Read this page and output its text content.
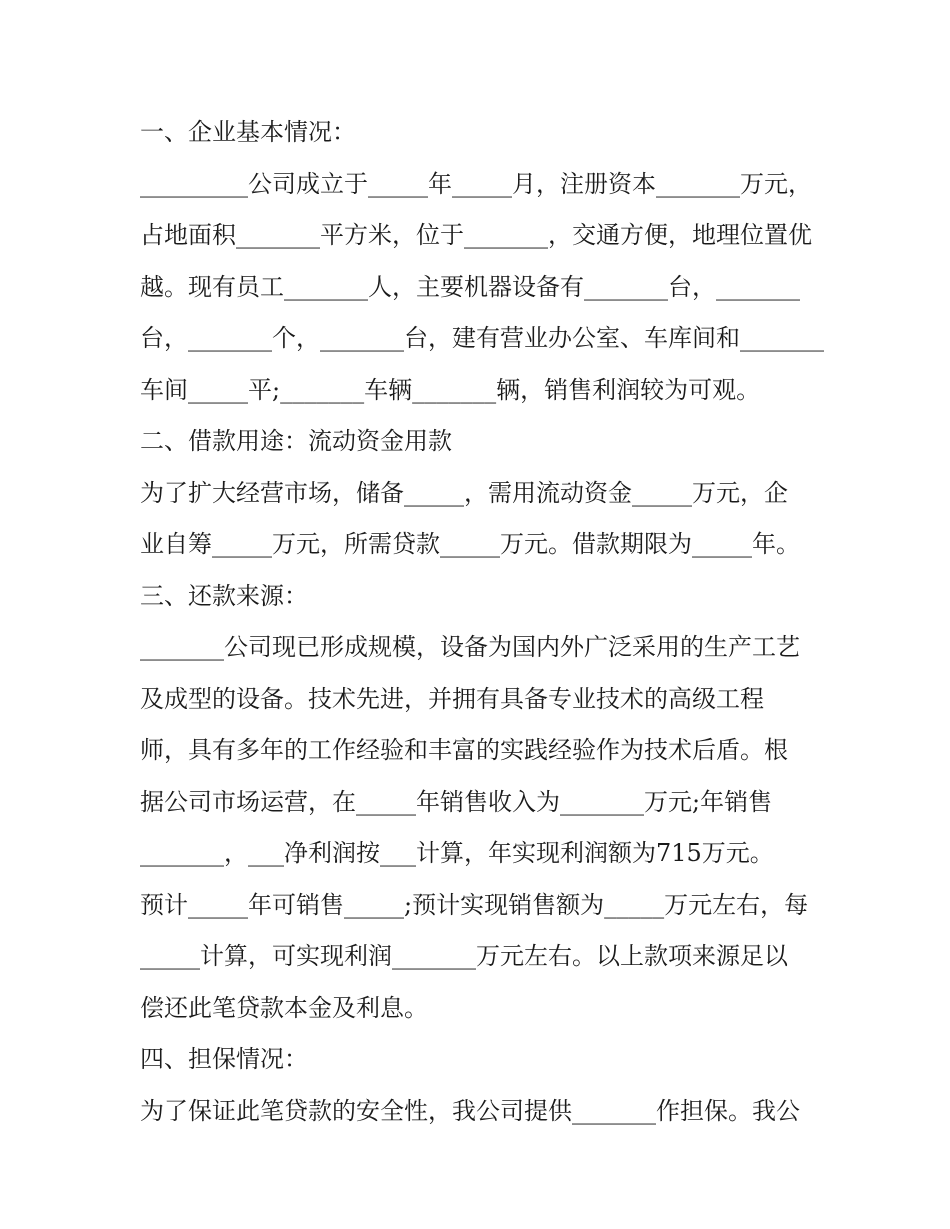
一、企业基本情况：
_________公司成立于_____年_____月，注册资本_______万元，
占地面积_______平方米，位于_______，交通方便，地理位置优
越。现有员工_______人，主要机器设备有_______台，_______
台，_______个，_______台，建有营业办公室、车库间和_______
车间_____平;_______车辆_______辆，销售利润较为可观。
二、借款用途：流动资金用款
为了扩大经营市场，储备_____，需用流动资金_____万元，企
业自筹_____万元，所需贷款_____万元。借款期限为_____年。
三、还款来源：
_______公司现已形成规模，设备为国内外广泛采用的生产工艺
及成型的设备。技术先进，并拥有具备专业技术的高级工程
师，具有多年的工作经验和丰富的实践经验作为技术后盾。根
据公司市场运营，在_____年销售收入为_______万元;年销售
_______，___净利润按___计算，年实现利润额为715万元。
预计_____年可销售_____;预计实现销售额为_____万元左右，每
_____计算，可实现利润_______万元左右。以上款项来源足以
偿还此笔贷款本金及利息。
四、担保情况：
为了保证此笔贷款的安全性，我公司提供_______作担保。我公
